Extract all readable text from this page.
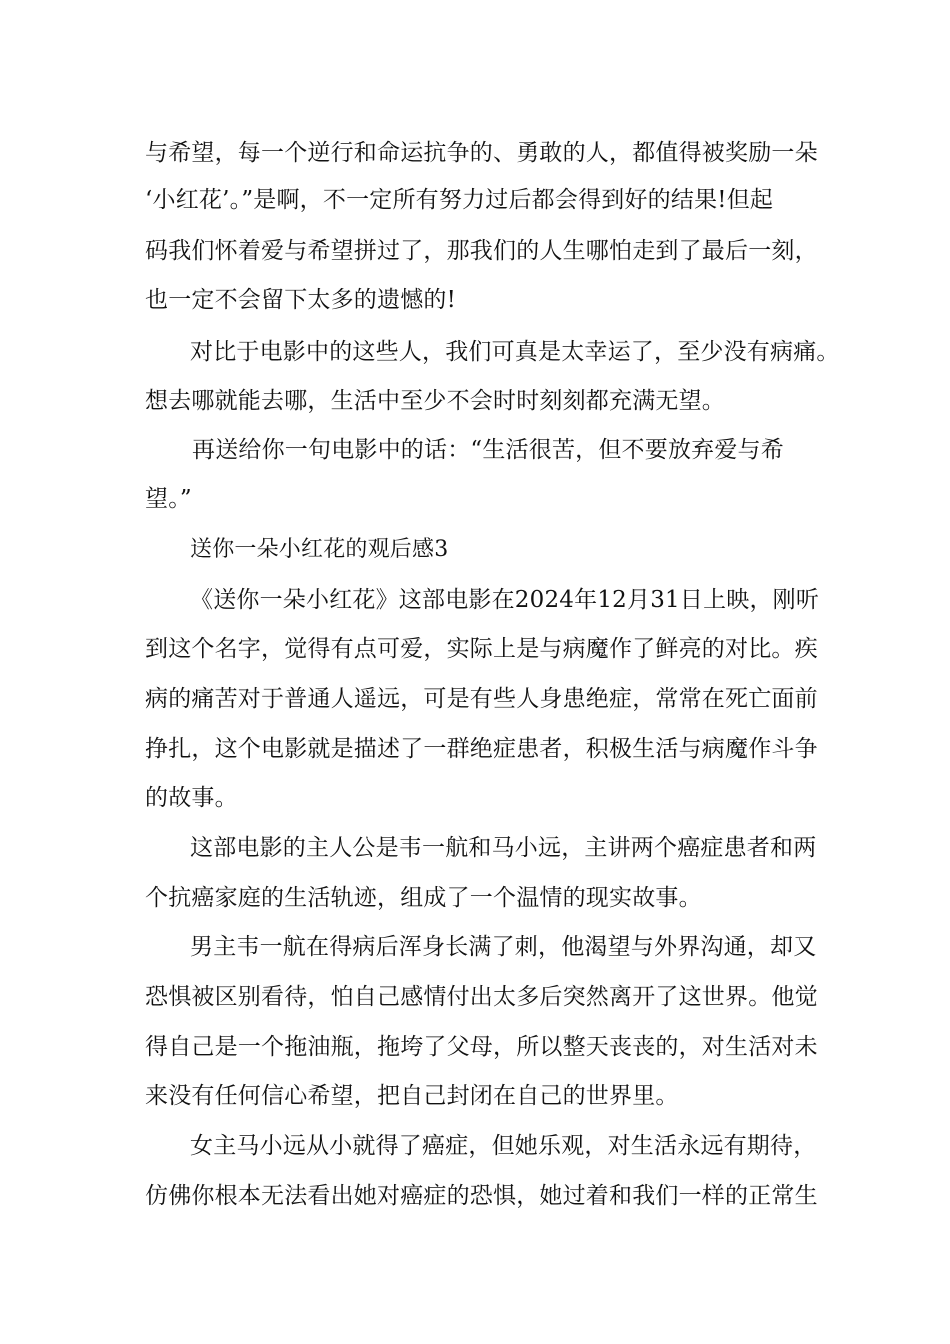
与希望，每一个逆行和命运抗争的、勇敢的人，都值得被奖励一朵
‘小红花’。”是啊，不一定所有努力过后都会得到好的结果!但起
码我们怀着爱与希望拼过了，那我们的人生哪怕走到了最后一刻，
也一定不会留下太多的遗憾的!
对比于电影中的这些人，我们可真是太幸运了，至少没有病痛。
想去哪就能去哪，生活中至少不会时时刻刻都充满无望。
再送给你一句电影中的话：“生活很苦，但不要放弃爱与希
望。”
送你一朵小红花的观后感3
《送你一朵小红花》这部电影在2024年12月31日上映，刚听
到这个名字，觉得有点可爱，实际上是与病魔作了鲜亮的对比。疾
病的痛苦对于普通人遥远，可是有些人身患绝症，常常在死亡面前
挣扎，这个电影就是描述了一群绝症患者，积极生活与病魔作斗争
的故事。
这部电影的主人公是韦一航和马小远，主讲两个癌症患者和两
个抗癌家庭的生活轨迹，组成了一个温情的现实故事。
男主韦一航在得病后浑身长满了刺，他渴望与外界沟通，却又
恐惧被区别看待，怕自己感情付出太多后突然离开了这世界。他觉
得自己是一个拖油瓶，拖垮了父母，所以整天丧丧的，对生活对未
来没有任何信心希望，把自己封闭在自己的世界里。
女主马小远从小就得了癌症，但她乐观，对生活永远有期待，
仿佛你根本无法看出她对癌症的恐惧，她过着和我们一样的正常生
